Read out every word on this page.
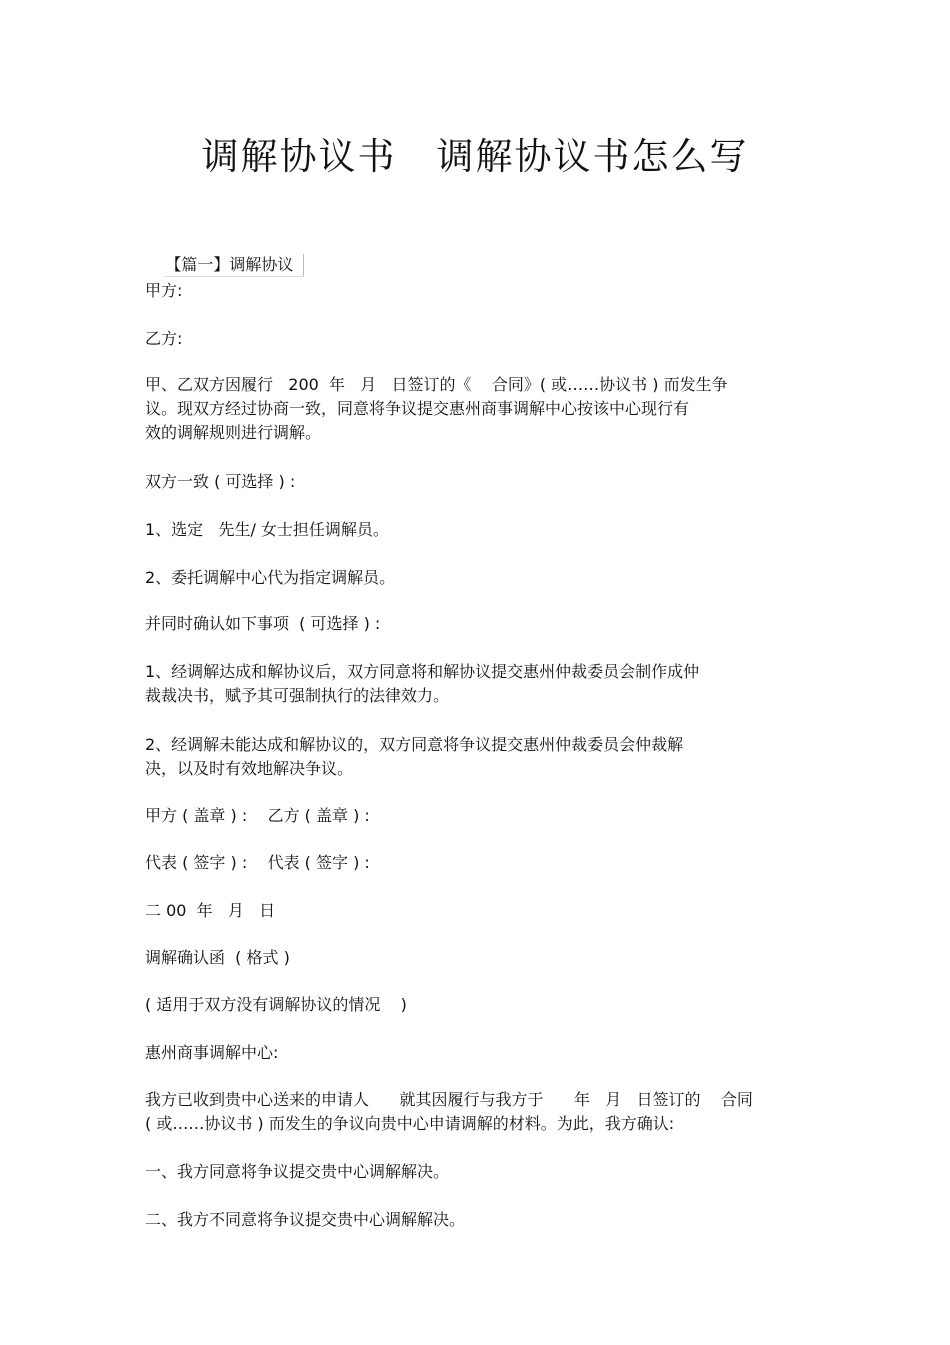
调解协议书 调解协议书怎么写

【篇一】调解协议

甲方:
乙方:
甲、乙双方因履行   200  年   月   日签订的《    合同》( 或……协议书 ) 而发生争
议。现双方经过协商一致，同意将争议提交惠州商事调解中心按该中心现行有
效的调解规则进行调解。
双方一致 ( 可选择 ) :
1、选定   先生/ 女士担任调解员。
2、委托调解中心代为指定调解员。
并同时确认如下事项  ( 可选择 ) :
1、经调解达成和解协议后，双方同意将和解协议提交惠州仲裁委员会制作成仲
裁裁决书，赋予其可强制执行的法律效力。
2、经调解未能达成和解协议的，双方同意将争议提交惠州仲裁委员会仲裁解
决，以及时有效地解决争议。
甲方 ( 盖章 ) :    乙方 ( 盖章 ) :
代表 ( 签字 ) :    代表 ( 签字 ) :
二 00  年   月   日
调解确认函  ( 格式 )
( 适用于双方没有调解协议的情况    )
惠州商事调解中心:
我方已收到贵中心送来的申请人      就其因履行与我方于      年   月   日签订的    合同
( 或……协议书 ) 而发生的争议向贵中心申请调解的材料。为此，我方确认:
一、我方同意将争议提交贵中心调解解决。
二、我方不同意将争议提交贵中心调解解决。
